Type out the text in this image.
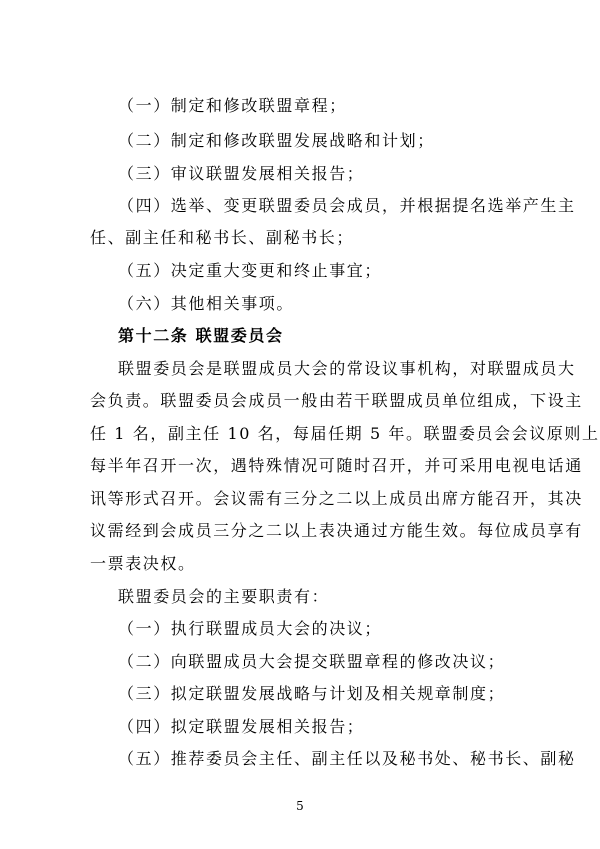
（一）制定和修改联盟章程；
（二）制定和修改联盟发展战略和计划；
（三）审议联盟发展相关报告；
（四）选举、变更联盟委员会成员，并根据提名选举产生主
任、副主任和秘书长、副秘书长；
（五）决定重大变更和终止事宜；
（六）其他相关事项。
第十二条 联盟委员会
联盟委员会是联盟成员大会的常设议事机构，对联盟成员大
会负责。联盟委员会成员一般由若干联盟成员单位组成，下设主
任 1 名，副主任 10 名，每届任期 5 年。联盟委员会会议原则上
每半年召开一次，遇特殊情况可随时召开，并可采用电视电话通
讯等形式召开。会议需有三分之二以上成员出席方能召开，其决
议需经到会成员三分之二以上表决通过方能生效。每位成员享有
一票表决权。
联盟委员会的主要职责有：
（一）执行联盟成员大会的决议；
（二）向联盟成员大会提交联盟章程的修改决议；
（三）拟定联盟发展战略与计划及相关规章制度；
（四）拟定联盟发展相关报告；
（五）推荐委员会主任、副主任以及秘书处、秘书长、副秘
5
